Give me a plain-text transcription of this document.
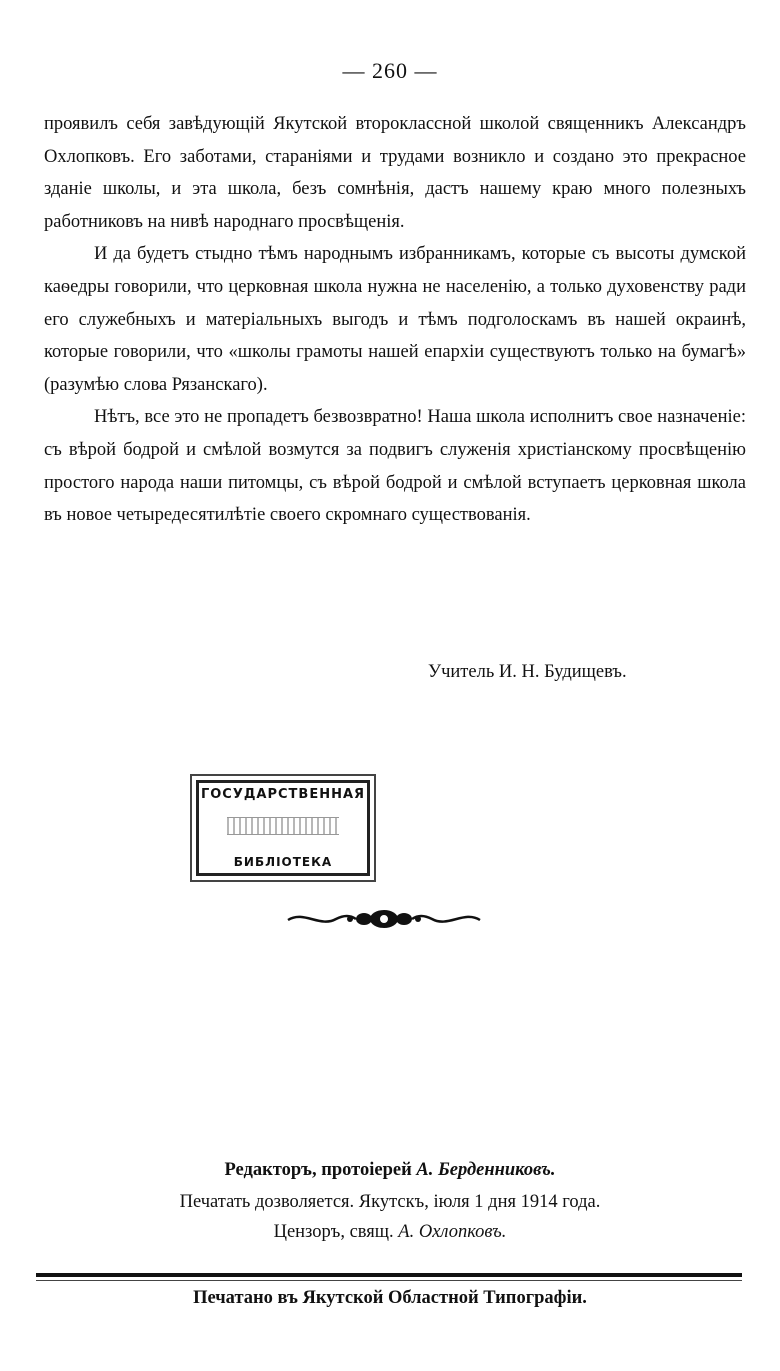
— 260 —

проявилъ себя завѣдующій Якутской второклассной школой священникъ Александръ Охлопковъ. Его заботами, стараніями и трудами возникло и создано это прекрасное зданіе школы, и эта школа, безъ сомнѣнія, дастъ нашему краю много полезныхъ работниковъ на нивѣ народнаго просвѣщенія.

И да будетъ стыдно тѣмъ народнымъ избранникамъ, которые съ высоты думской каѳедры говорили, что церковная школа нужна не населенію, а только духовенству ради его служебныхъ и матеріальныхъ выгодъ и тѣмъ подголоскамъ въ нашей окраинѣ, которые говорили, что «школы грамоты нашей епархіи существуютъ только на бумагѣ» (разумѣю слова Рязанскаго).

Нѣтъ, все это не пропадетъ безвозвратно! Наша школа исполнитъ свое назначеніе: съ вѣрой бодрой и смѣлой возмутся за подвигъ служенія христіанскому просвѣщенію простого народа наши питомцы, съ вѣрой бодрой и смѣлой вступаетъ церковная школа въ новое четыредесятилѣтіе своего скромнаго существованія.

Учитель И. Н. Будищевъ.
ГОСУДАРСТВЕННАЯ
БИБЛІОТЕКА
Редакторъ, протоіерей А. Берденниковъ.
Печатать дозволяется. Якутскъ, іюля 1 дня 1914 года.
Цензоръ, свящ. А. Охлопковъ.
Печатано въ Якутской Областной Типографіи.
